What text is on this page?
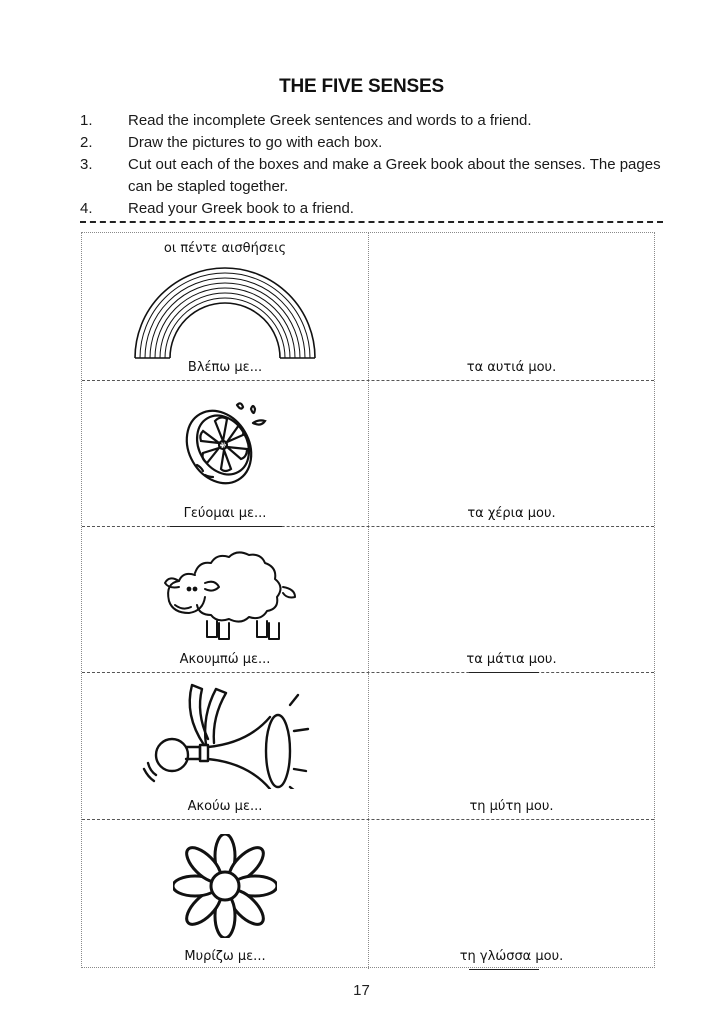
THE FIVE SENSES
1.	Read the incomplete Greek sentences and words to a friend.
2.	Draw the pictures to go with each box.
3.	Cut out each of the boxes and make a Greek book about the senses. The pages can be stapled together.
4.	Read your Greek book to a friend.
οι πέντε αισθήσεις
Βλέπω με...	τα αυτιά μου.
Γεύομαι με...	τα χέρια μου.
Ακουμπώ με...	τα μάτια μου.
Ακούω με...	τη μύτη μου.
Μυρίζω με...	τη γλώσσα μου.
17
